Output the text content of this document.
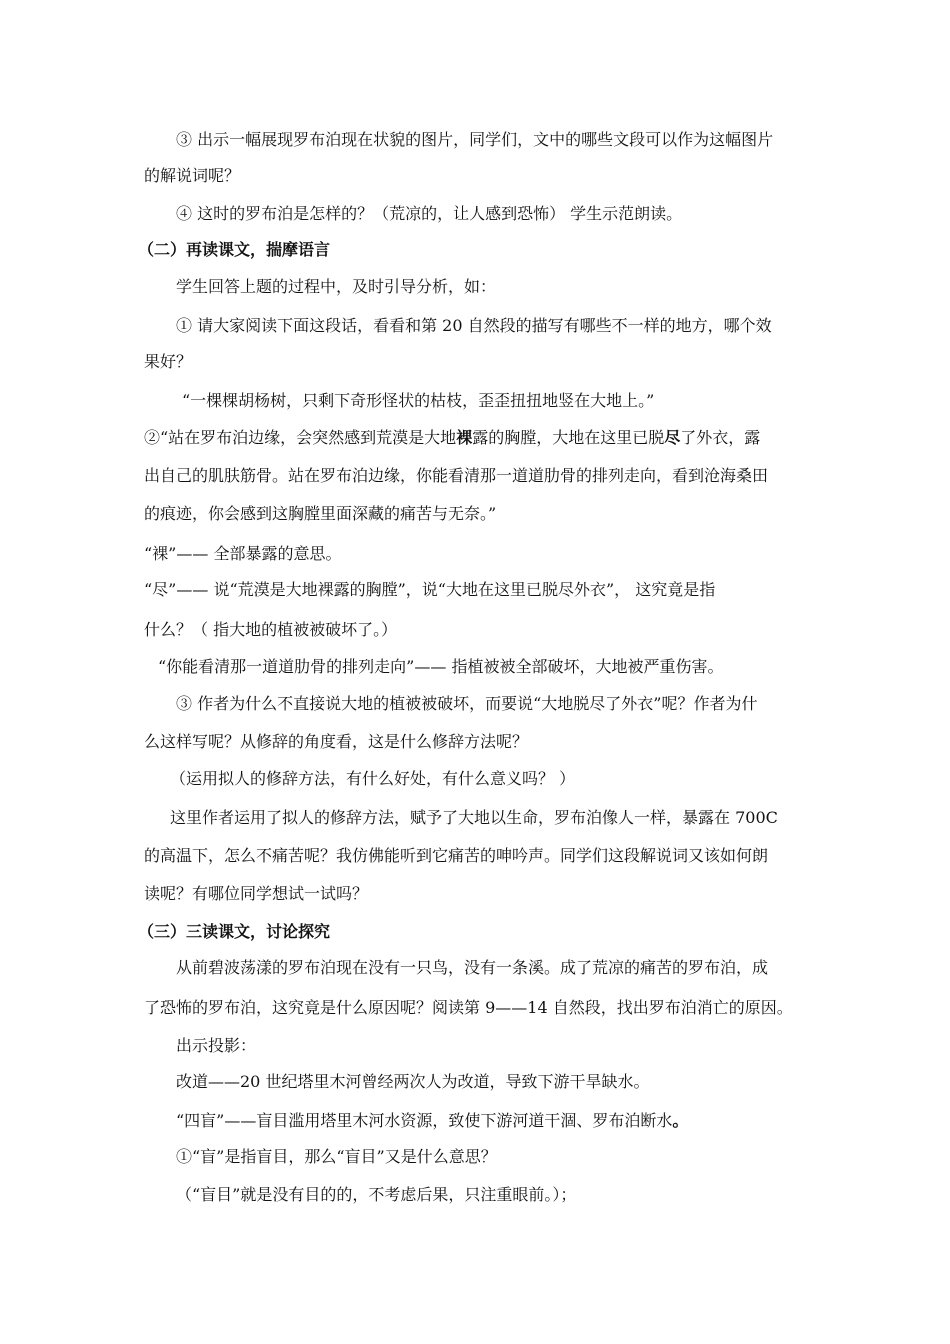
③ 出示一幅展现罗布泊现在状貌的图片，同学们，文中的哪些文段可以作为这幅图片
的解说词呢？
④ 这时的罗布泊是怎样的？（荒凉的，让人感到恐怖） 学生示范朗读。
（二）再读课文，揣摩语言
学生回答上题的过程中，及时引导分析，如：
① 请大家阅读下面这段话，看看和第 20 自然段的描写有哪些不一样的地方，哪个效
果好？
“一棵棵胡杨树，只剩下奇形怪状的枯枝，歪歪扭扭地竖在大地上。”
②“站在罗布泊边缘，会突然感到荒漠是大地裸露的胸膛，大地在这里已脱尽了外衣，露
出自己的肌肤筋骨。站在罗布泊边缘，你能看清那一道道肋骨的排列走向，看到沧海桑田
的痕迹，你会感到这胸膛里面深藏的痛苦与无奈。”
“裸”—— 全部暴露的意思。
“尽”—— 说“荒漠是大地裸露的胸膛”，说“大地在这里已脱尽外衣”， 这究竟是指
什么？（ 指大地的植被被破坏了。）
“你能看清那一道道肋骨的排列走向”—— 指植被被全部破坏，大地被严重伤害。
③ 作者为什么不直接说大地的植被被破坏，而要说“大地脱尽了外衣”呢？作者为什
么这样写呢？从修辞的角度看，这是什么修辞方法呢？
（运用拟人的修辞方法，有什么好处，有什么意义吗？ ）
这里作者运用了拟人的修辞方法，赋予了大地以生命，罗布泊像人一样，暴露在 700C
的高温下，怎么不痛苦呢？我仿佛能听到它痛苦的呻吟声。同学们这段解说词又该如何朗
读呢？有哪位同学想试一试吗？
（三）三读课文，讨论探究
从前碧波荡漾的罗布泊现在没有一只鸟，没有一条溪。成了荒凉的痛苦的罗布泊，成
了恐怖的罗布泊，这究竟是什么原因呢？阅读第 9——14 自然段，找出罗布泊消亡的原因。
出示投影：
改道——20 世纪塔里木河曾经两次人为改道，导致下游干旱缺水。
“四盲”——盲目滥用塔里木河水资源，致使下游河道干涸、罗布泊断水。
①“盲”是指盲目，那么“盲目”又是什么意思？
（“盲目”就是没有目的的，不考虑后果，只注重眼前。）；
